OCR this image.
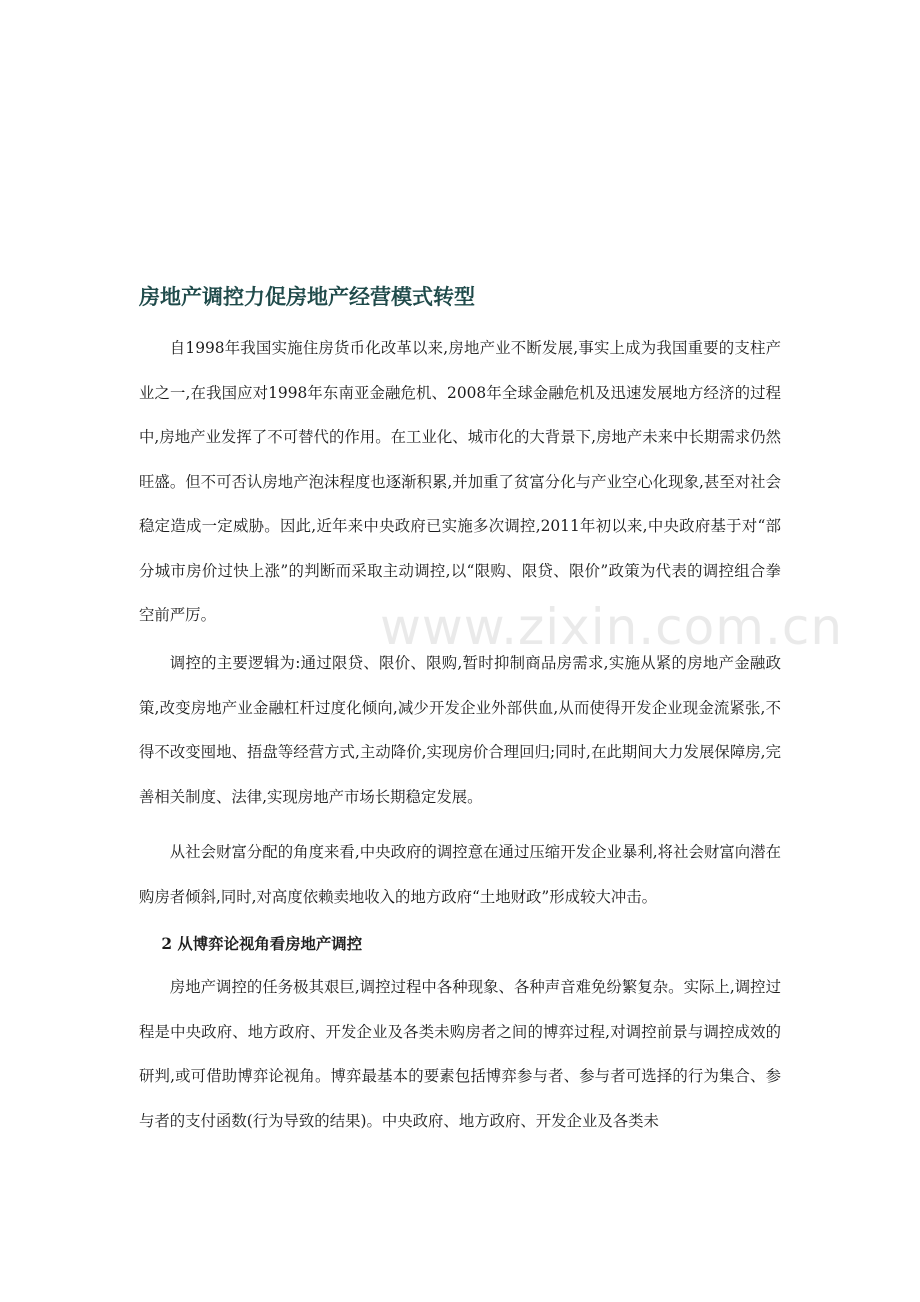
房地产调控力促房地产经营模式转型

自1998年我国实施住房货币化改革以来,房地产业不断发展,事实上成为我国重要的支柱产业之一,在我国应对1998年东南亚金融危机、2008年全球金融危机及迅速发展地方经济的过程中,房地产业发挥了不可替代的作用。在工业化、城市化的大背景下,房地产未来中长期需求仍然旺盛。但不可否认房地产泡沫程度也逐渐积累,并加重了贫富分化与产业空心化现象,甚至对社会稳定造成一定威胁。因此,近年来中央政府已实施多次调控,2011年初以来,中央政府基于对“部分城市房价过快上涨”的判断而采取主动调控,以“限购、限贷、限价”政策为代表的调控组合拳空前严厉。

调控的主要逻辑为:通过限贷、限价、限购,暂时抑制商品房需求,实施从紧的房地产金融政策,改变房地产业金融杠杆过度化倾向,减少开发企业外部供血,从而使得开发企业现金流紧张,不得不改变囤地、捂盘等经营方式,主动降价,实现房价合理回归;同时,在此期间大力发展保障房,完善相关制度、法律,实现房地产市场长期稳定发展。

从社会财富分配的角度来看,中央政府的调控意在通过压缩开发企业暴利,将社会财富向潜在购房者倾斜,同时,对高度依赖卖地收入的地方政府“土地财政”形成较大冲击。

2 从博弈论视角看房地产调控

房地产调控的任务极其艰巨,调控过程中各种现象、各种声音难免纷繁复杂。实际上,调控过程是中央政府、地方政府、开发企业及各类未购房者之间的博弈过程,对调控前景与调控成效的研判,或可借助博弈论视角。博弈最基本的要素包括博弈参与者、参与者可选择的行为集合、参与者的支付函数(行为导致的结果)。中央政府、地方政府、开发企业及各类未

www.zixin.com.cn
